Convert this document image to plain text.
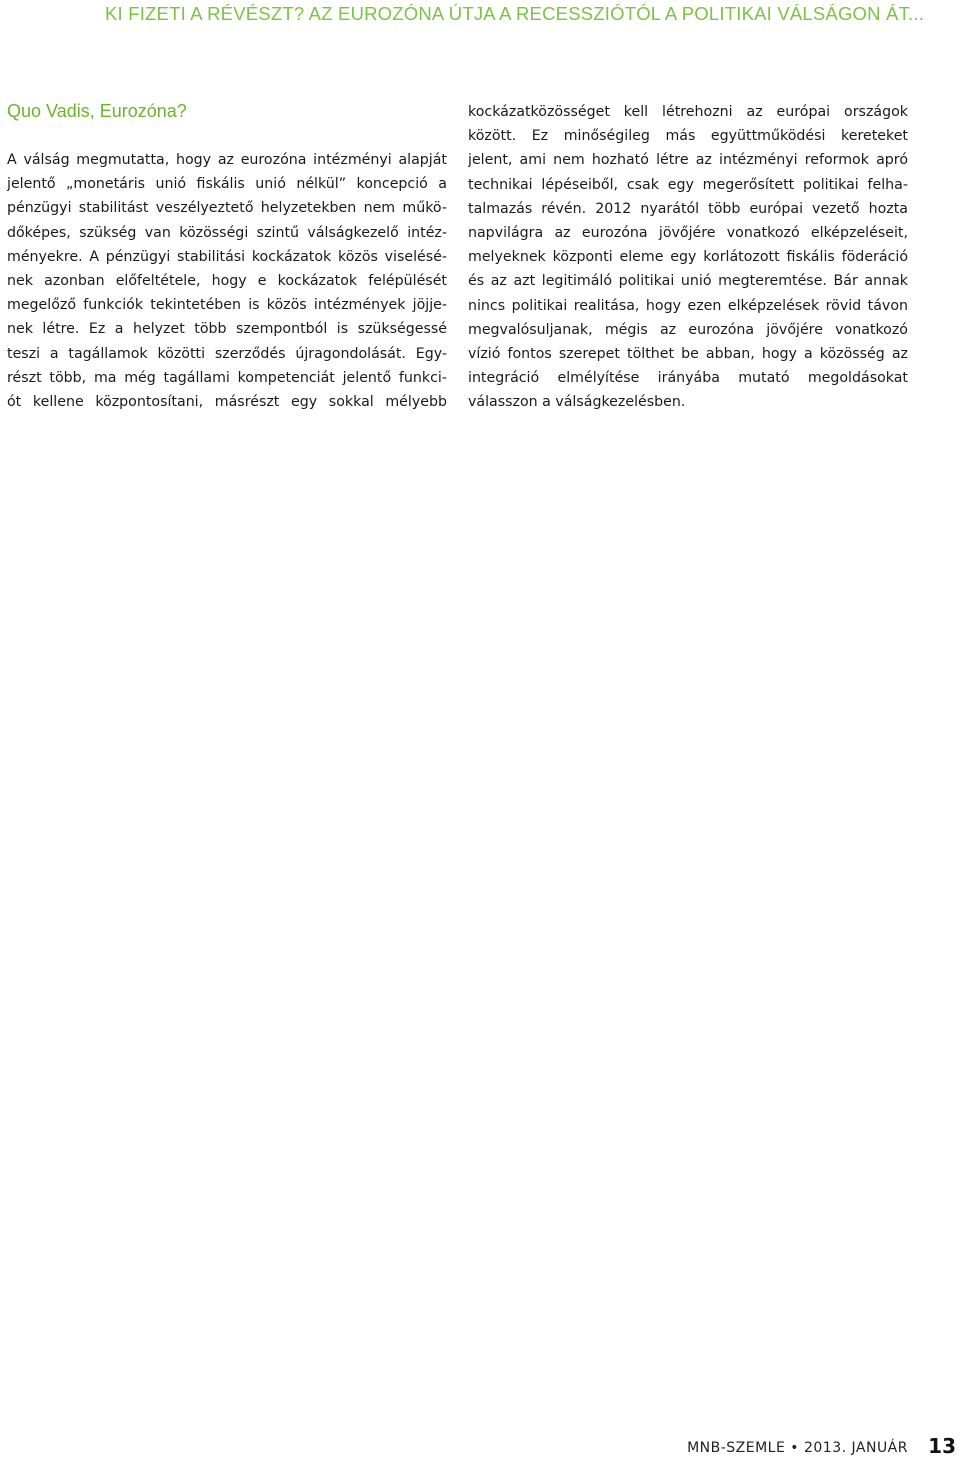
KI FIZETI A RÉVÉSZT? AZ EUROZÓNA ÚTJA A RECESSZIÓTÓL A POLITIKAI VÁLSÁGON ÁT...
Quo Vadis, Eurozóna?
A válság megmutatta, hogy az eurozóna intézményi alapját
jelentő „monetáris unió fiskális unió nélkül” koncepció a
pénzügyi stabilitást veszélyeztető helyzetekben nem műkö-
dőképes, szükség van közösségi szintű válságkezelő intéz-
ményekre. A pénzügyi stabilitási kockázatok közös viselésé-
nek azonban előfeltétele, hogy e kockázatok felépülését
megelőző funkciók tekintetében is közös intézmények jöjje-
nek létre. Ez a helyzet több szempontból is szükségessé
teszi a tagállamok közötti szerződés újragondolását. Egy-
részt több, ma még tagállami kompetenciát jelentő funkci-
ót kellene központosítani, másrészt egy sokkal mélyebb
kockázatközösséget kell létrehozni az európai országok
között. Ez minőségileg más együttműködési kereteket
jelent, ami nem hozható létre az intézményi reformok apró
technikai lépéseiből, csak egy megerősített politikai felha-
talmazás révén. 2012 nyarától több európai vezető hozta
napvilágra az eurozóna jövőjére vonatkozó elképzeléseit,
melyeknek központi eleme egy korlátozott fiskális föderáció
és az azt legitimáló politikai unió megteremtése. Bár annak
nincs politikai realitása, hogy ezen elképzelések rövid távon
megvalósuljanak, mégis az eurozóna jövőjére vonatkozó
vízió fontos szerepet tölthet be abban, hogy a közösség az
integráció elmélyítése irányába mutató megoldásokat
válasszon a válságkezelésben.
MNB-SZEMLE • 2013. JANUÁR 13
